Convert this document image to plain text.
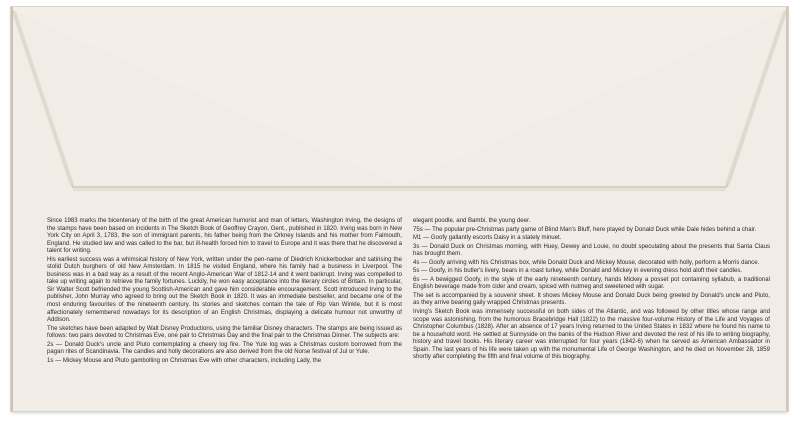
Since 1983 marks the bicentenary of the birth of the great American humorist and man of letters, Washington Irving, the designs of the stamps have been based on incidents in The Sketch Book of Geoffrey Crayon, Gent., published in 1820. Irving was born in New York City on April 3, 1783, the son of immigrant parents, his father being from the Orkney Islands and his mother from Falmouth, England. He studied law and was called to the bar, but ill-health forced him to travel to Europe and it was there that he discovered a talent for writing.

His earliest success was a whimsical history of New York, written under the pen-name of Diedrich Knickerbocker and satirising the stolid Dutch burghers of old New Amsterdam. In 1815 he visited England, where his family had a business in Liverpool. The business was in a bad way as a result of the recent Anglo-American War of 1812-14 and it went bankrupt. Irving was compelled to take up writing again to retrieve the family fortunes. Luckily, he won easy acceptance into the literary circles of Britain. In particular, Sir Walter Scott befriended the young Scottish-American and gave him considerable encouragement. Scott introduced Irving to the publisher, John Murray who agreed to bring out the Sketch Book in 1820. It was an immediate bestseller, and became one of the most enduring favourites of the nineteenth century. Its stories and sketches contain the tale of Rip Van Winkle, but it is most affectionately remembered nowadays for its description of an English Christmas, displaying a delicate humour not unworthy of Addison.

The sketches have been adapted by Walt Disney Productions, using the familiar Disney characters. The stamps are being issued as follows: two pairs devoted to Christmas Eve, one pair to Christmas Day and the final pair to the Christmas Dinner. The subjects are:

2s — Donald Duck's uncle and Pluto contemplating a cheery log fire. The Yule log was a Christmas custom borrowed from the pagan rites of Scandinavia. The candles and holly decorations are also derived from the old Norse festival of Jul or Yule.

1s — Mickey Mouse and Pluto gambolling on Christmas Eve with other characters, including Lady, the

elegant poodle, and Bambi, the young deer.

75s — The popular pre-Christmas party game of Blind Man's Bluff, here played by Donald Duck while Dale hides behind a chair.

M1 — Goofy gallantly escorts Daisy in a stately minuet.

3s — Donald Duck on Christmas morning, with Huey, Dewey and Louie, no doubt speculating about the presents that Santa Claus has brought them.

4s — Goofy arriving with his Christmas box, while Donald Duck and Mickey Mouse, decorated with holly, perform a Morris dance.

5s — Goofy, in his butler's livery, bears in a roast turkey, while Donald and Mickey in evening dress hold aloft their candles.

6s — A bewigged Goofy, in the style of the early nineteenth century, hands Mickey a posset pot containing syllabub, a traditional English beverage made from cider and cream, spiced with nutmeg and sweetened with sugar.

The set is accompanied by a souvenir sheet. It shows Mickey Mouse and Donald Duck being greeted by Donald's uncle and Pluto, as they arrive bearing gaily wrapped Christmas presents.

Irving's Sketch Book was immensely successful on both sides of the Atlantic, and was followed by other titles whose range and scope was astonishing, from the humorous Bracebridge Hall (1822) to the massive four-volume History of the Life and Voyages of Christopher Columbus (1828). After an absence of 17 years Irving returned to the United States in 1832 where he found his name to be a household word. He settled at Sunnyside on the banks of the Hudson River and devoted the rest of his life to writing biography, history and travel books. His literary career was interrupted for four years (1842-6) when he served as American Ambassador in Spain. The last years of his life were taken up with the monumental Life of George Washington, and he died on November 28, 1859 shortly after completing the fifth and final volume of this biography.
